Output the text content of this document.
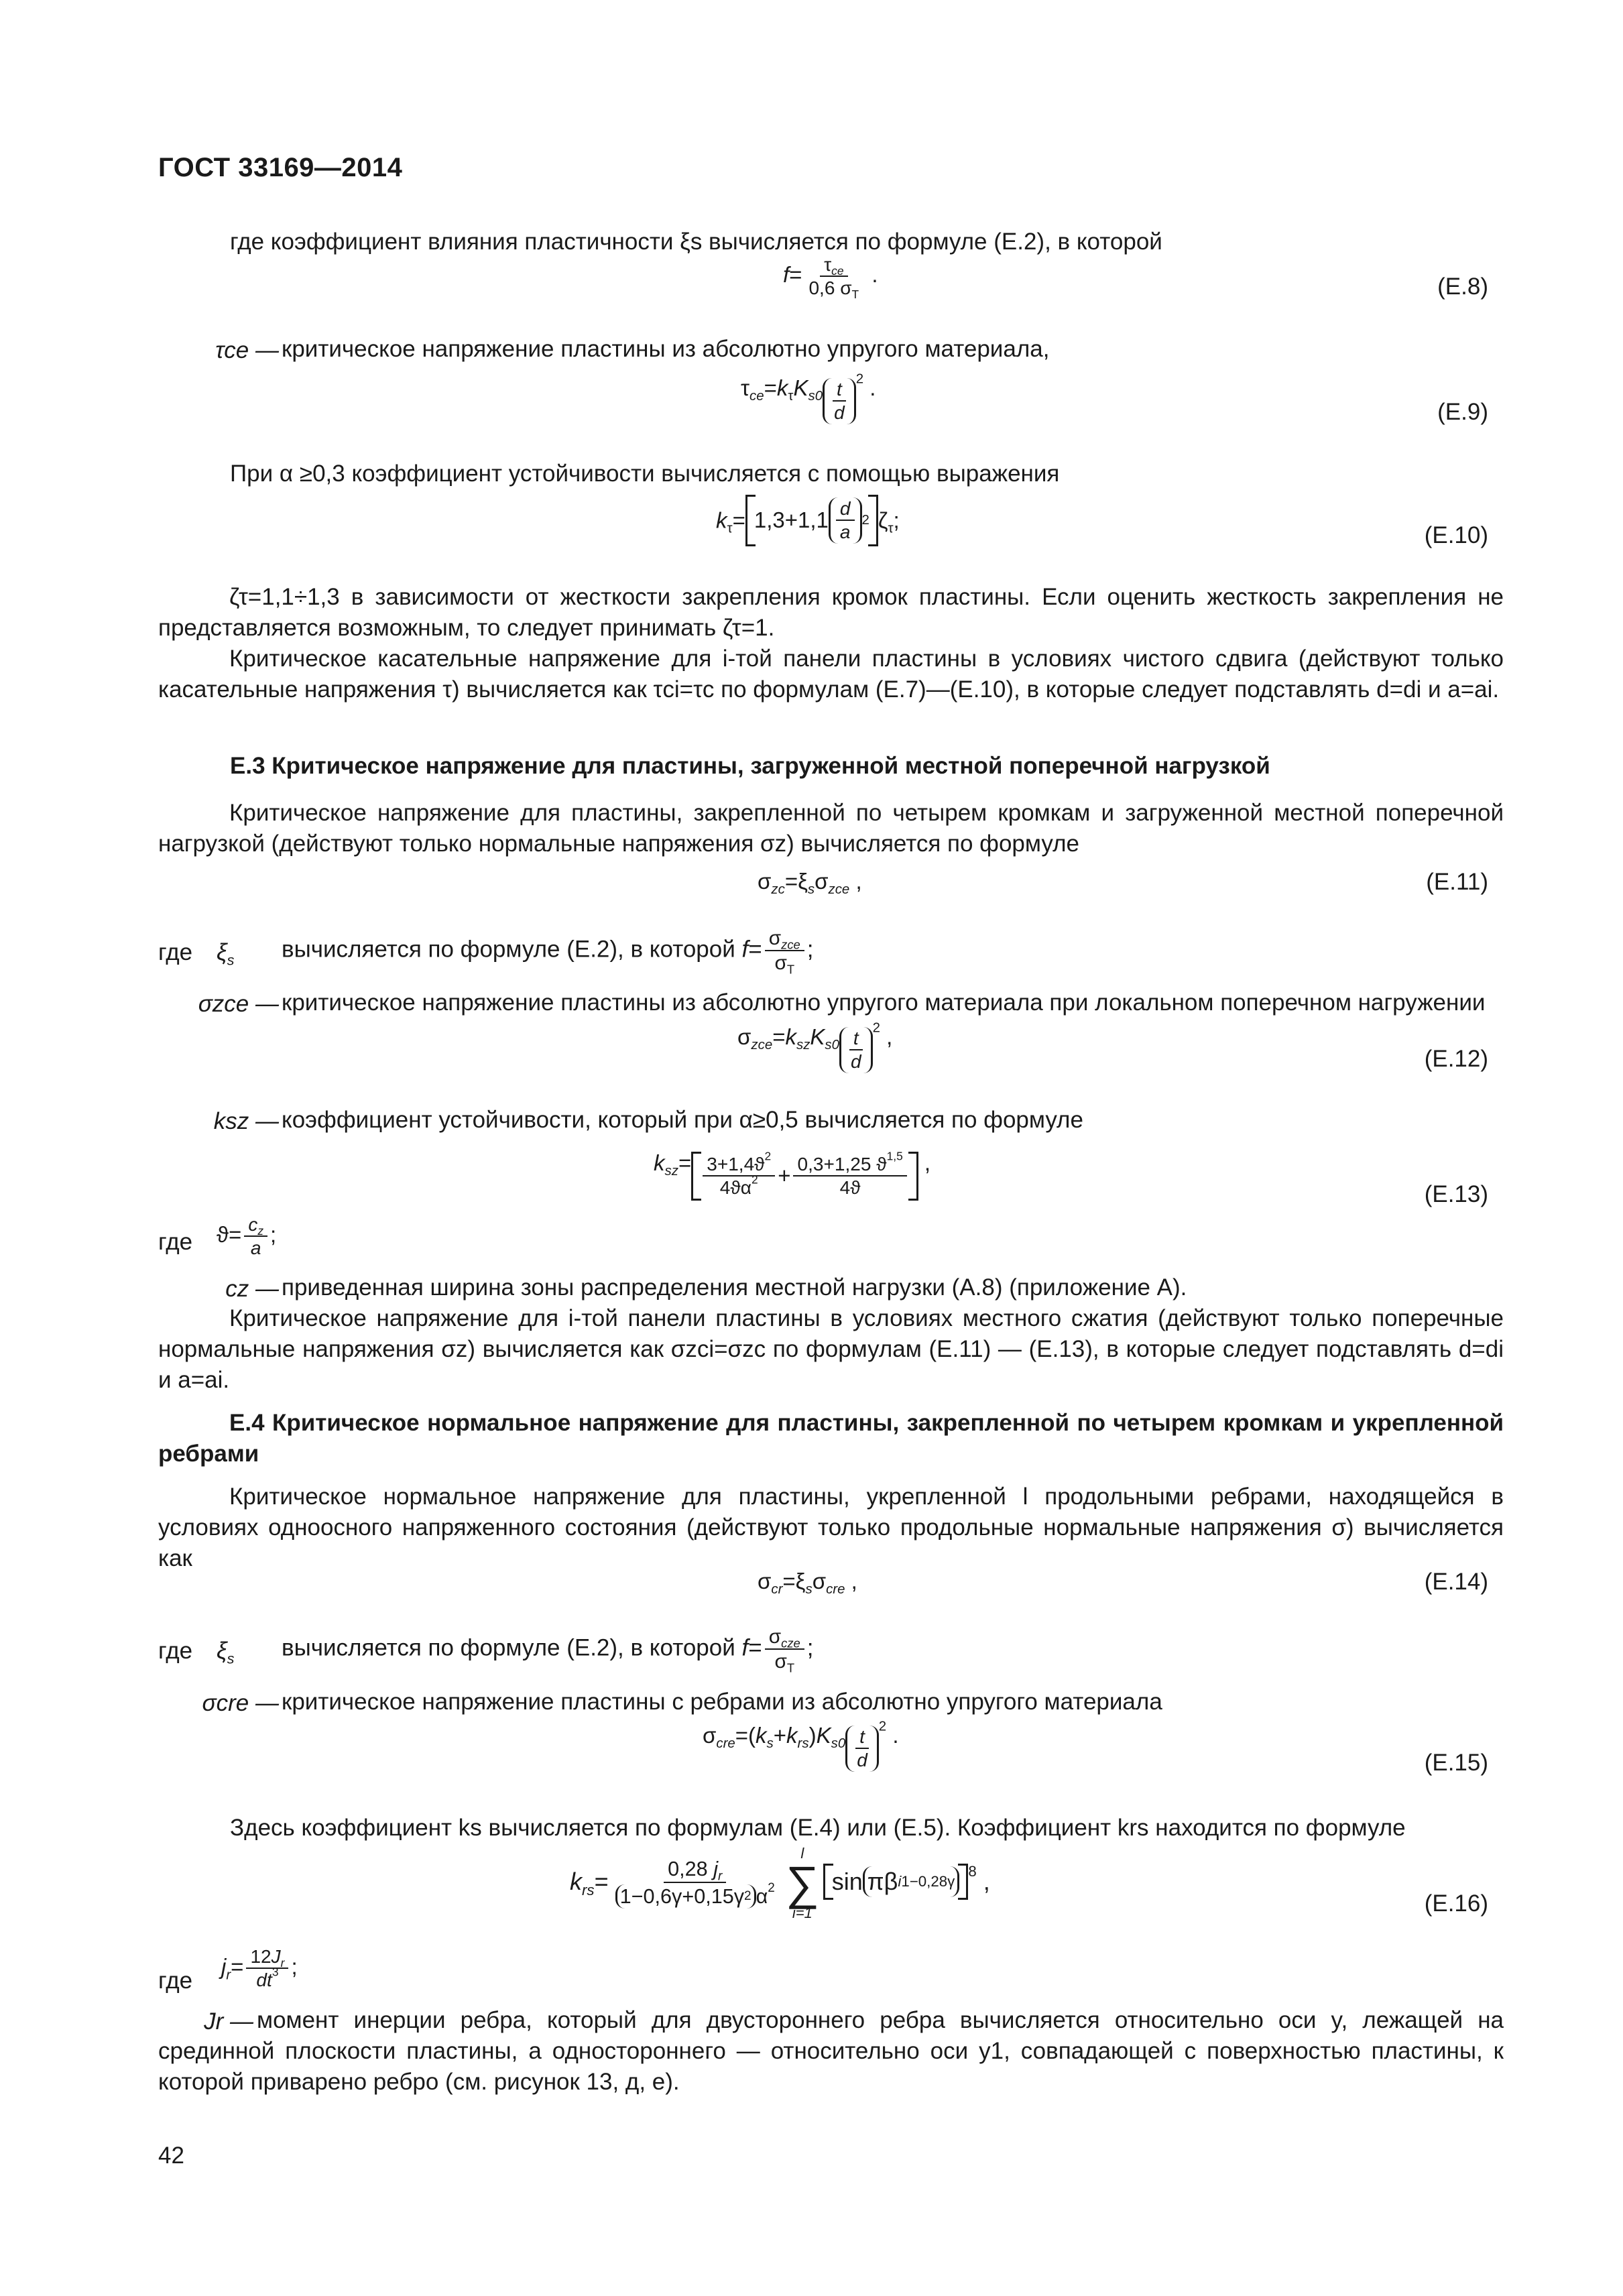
ГОСТ 33169—2014
где коэффициент влияния пластичности ξs вычисляется по формуле (Е.2), в которой
$f= \frac{\tau_{ce}}{0,6 \sigma_Т}$ .	(Е.8)
τce — критическое напряжение пластины из абсолютно упругого материала,
$\tau_{ce}=k_\tau K_{s0} \frac{t}{d}$
$^2$ .
(Е.9)
При α ≥0,3 коэффициент устойчивости вычисляется с помощью выражения
$k_\tau= 1,3+1,1 \frac{d}{a} 2$ $\zeta_\tau$;
(Е.10)
ζτ=1,1÷1,3 в зависимости от жесткости закрепления кромок пластины. Если оценить жесткость закрепления не представляется возможным, то следует принимать ζτ=1.
Критическое касательные напряжение для i-той панели пластины в условиях чистого сдвига (действуют только касательные напряжения τ) вычисляется как τci=τc по формулам (Е.7)—(Е.10), в которые следует подставлять d=di и a=ai.
Е.3 Критическое напряжение для пластины, загруженной местной поперечной нагрузкой
Критическое напряжение для пластины, закрепленной по четырем кромкам и загруженной местной поперечной нагрузкой (действуют только нормальные напряжения σz) вычисляется по формуле
$\sigma_{zc}=\xi_s\sigma_{zce}$ ,	(Е.11)
где $\xi_s$ вычисляется по формуле (Е.2), в которой $f= \frac{\sigma_{zce}}{\sigma_Т}$ ;
σzce — критическое напряжение пластины из абсолютно упругого материала при локальном поперечном нагружении
$\sigma_{zce}=k_{sz}K_{s0} \frac{t}{d}$
$^2$ ,
(Е.12)
ksz — коэффициент устойчивости, который при α≥0,5 вычисляется по формуле
$k_{sz}= \frac{3+1,4ϑ^2}{4ϑ\alpha^2} + \frac{0,3+1,25 ϑ^{1,5}}{4ϑ}$ ,
(Е.13)
где $ϑ= \frac{c_z}{a}$ ;
cz — приведенная ширина зоны распределения местной нагрузки (А.8) (приложение А).
Критическое напряжение для i-той панели пластины в условиях местного сжатия (действуют только поперечные нормальные напряжения σz) вычисляется как σzci=σzc по формулам (Е.11) — (Е.13), в которые следует подставлять d=di и a=ai.
Е.4 Критическое нормальное напряжение для пластины, закрепленной по четырем кромкам и укрепленной ребрами
Критическое нормальное напряжение для пластины, укрепленной l продольными ребрами, находящейся в условиях одноосного напряженного состояния (действуют только продольные нормальные напряжения σ) вычисляется как
$\sigma_{cr}=\xi_s\sigma_{cre}$ ,	(Е.14)
где $\xi_s$ вычисляется по формуле (Е.2), в которой $f= \frac{\sigma_{cze}}{\sigma_Т}$ ;
σcre — критическое напряжение пластины с ребрами из абсолютно упругого материала
$\sigma_{cre}=(k_s+k_{rs})K_{s0} \frac{t}{d}$
$^2$ .
(Е.15)
Здесь коэффициент ks вычисляется по формулам (Е.4) или (Е.5). Коэффициент krs находится по формуле
$k_{rs}= \frac{0,28 j_r}{1-0,6\gamma+0,15\gamma 2 \alpha^2}$
l
∑
i=1
sin πβ i 1−0,28γ
$^8$ ,
(Е.16)
где
$j_r= \frac{12J_r}{dt^3}$ ;
Jr — момент инерции ребра, который для двустороннего ребра вычисляется относительно оси y, лежащей на срединной плоскости пластины, а одностороннего — относительно оси y1, совпадающей с поверхностью пластины, к которой приварено ребро (см. рисунок 13, д, е).
42
